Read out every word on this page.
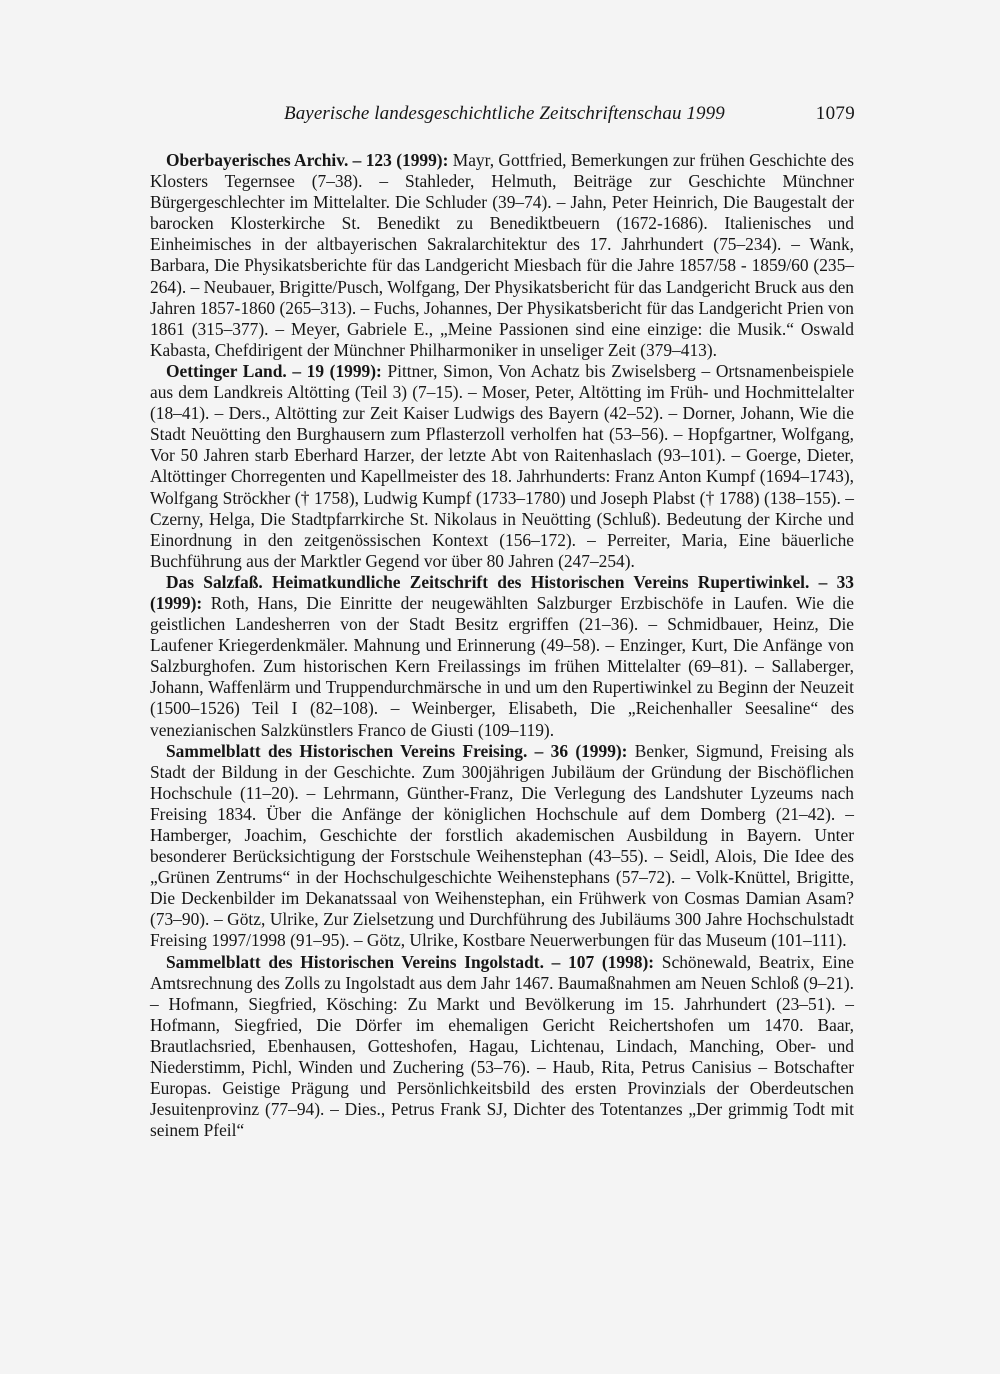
Bayerische landesgeschichtliche Zeitschriftenschau 1999	1079

Oberbayerisches Archiv. – 123 (1999): Mayr, Gottfried, Bemerkungen zur frühen Geschichte des Klosters Tegernsee (7–38). – Stahleder, Helmuth, Beiträge zur Geschichte Münchner Bürgergeschlechter im Mittelalter. Die Schluder (39–74). – Jahn, Peter Heinrich, Die Baugestalt der barocken Klosterkirche St. Benedikt zu Benediktbeuern (1672-1686). Italienisches und Einheimisches in der altbayerischen Sakralarchitektur des 17. Jahrhundert (75–234). – Wank, Barbara, Die Physikatsberichte für das Landgericht Miesbach für die Jahre 1857/58 - 1859/60 (235–264). – Neubauer, Brigitte/Pusch, Wolfgang, Der Physikatsbericht für das Landgericht Bruck aus den Jahren 1857-1860 (265–313). – Fuchs, Johannes, Der Physikatsbericht für das Landgericht Prien von 1861 (315–377). – Meyer, Gabriele E., „Meine Passionen sind eine einzige: die Musik.“ Oswald Kabasta, Chefdirigent der Münchner Philharmoniker in unseliger Zeit (379–413).

Oettinger Land. – 19 (1999): Pittner, Simon, Von Achatz bis Zwiselsberg – Ortsnamenbeispiele aus dem Landkreis Altötting (Teil 3) (7–15). – Moser, Peter, Altötting im Früh- und Hochmittelalter (18–41). – Ders., Altötting zur Zeit Kaiser Ludwigs des Bayern (42–52). – Dorner, Johann, Wie die Stadt Neuötting den Burghausern zum Pflasterzoll verholfen hat (53–56). – Hopfgartner, Wolfgang, Vor 50 Jahren starb Eberhard Harzer, der letzte Abt von Raitenhaslach (93–101). – Goerge, Dieter, Altöttinger Chorregenten und Kapellmeister des 18. Jahrhunderts: Franz Anton Kumpf (1694–1743), Wolfgang Ströckher († 1758), Ludwig Kumpf (1733–1780) und Joseph Plabst († 1788) (138–155). – Czerny, Helga, Die Stadtpfarrkirche St. Nikolaus in Neuötting (Schluß). Bedeutung der Kirche und Einordnung in den zeitgenössischen Kontext (156–172). – Perreiter, Maria, Eine bäuerliche Buchführung aus der Marktler Gegend vor über 80 Jahren (247–254).

Das Salzfaß. Heimatkundliche Zeitschrift des Historischen Vereins Rupertiwinkel. – 33 (1999): Roth, Hans, Die Einritte der neugewählten Salzburger Erzbischöfe in Laufen. Wie die geistlichen Landesherren von der Stadt Besitz ergriffen (21–36). – Schmidbauer, Heinz, Die Laufener Kriegerdenkmäler. Mahnung und Erinnerung (49–58). – Enzinger, Kurt, Die Anfänge von Salzburghofen. Zum historischen Kern Freilassings im frühen Mittelalter (69–81). – Sallaberger, Johann, Waffenlärm und Truppendurchmärsche in und um den Rupertiwinkel zu Beginn der Neuzeit (1500–1526) Teil I (82–108). – Weinberger, Elisabeth, Die „Reichenhaller Seesaline“ des venezianischen Salzkünstlers Franco de Giusti (109–119).

Sammelblatt des Historischen Vereins Freising. – 36 (1999): Benker, Sigmund, Freising als Stadt der Bildung in der Geschichte. Zum 300jährigen Jubiläum der Gründung der Bischöflichen Hochschule (11–20). – Lehrmann, Günther-Franz, Die Verlegung des Landshuter Lyzeums nach Freising 1834. Über die Anfänge der königlichen Hochschule auf dem Domberg (21–42). – Hamberger, Joachim, Geschichte der forstlich akademischen Ausbildung in Bayern. Unter besonderer Berücksichtigung der Forstschule Weihenstephan (43–55). – Seidl, Alois, Die Idee des „Grünen Zentrums“ in der Hochschulgeschichte Weihenstephans (57–72). – Volk-Knüttel, Brigitte, Die Deckenbilder im Dekanatssaal von Weihenstephan, ein Frühwerk von Cosmas Damian Asam? (73–90). – Götz, Ulrike, Zur Zielsetzung und Durchführung des Jubiläums 300 Jahre Hochschulstadt Freising 1997/1998 (91–95). – Götz, Ulrike, Kostbare Neuerwerbungen für das Museum (101–111).

Sammelblatt des Historischen Vereins Ingolstadt. – 107 (1998): Schönewald, Beatrix, Eine Amtsrechnung des Zolls zu Ingolstadt aus dem Jahr 1467. Baumaßnahmen am Neuen Schloß (9–21). – Hofmann, Siegfried, Kösching: Zu Markt und Bevölkerung im 15. Jahrhundert (23–51). – Hofmann, Siegfried, Die Dörfer im ehemaligen Gericht Reichertshofen um 1470. Baar, Brautlachsried, Ebenhausen, Gotteshofen, Hagau, Lichtenau, Lindach, Manching, Ober- und Niederstimm, Pichl, Winden und Zuchering (53–76). – Haub, Rita, Petrus Canisius – Botschafter Europas. Geistige Prägung und Persönlichkeitsbild des ersten Provinzials der Oberdeutschen Jesuitenprovinz (77–94). – Dies., Petrus Frank SJ, Dichter des Totentanzes „Der grimmig Todt mit seinem Pfeil“
